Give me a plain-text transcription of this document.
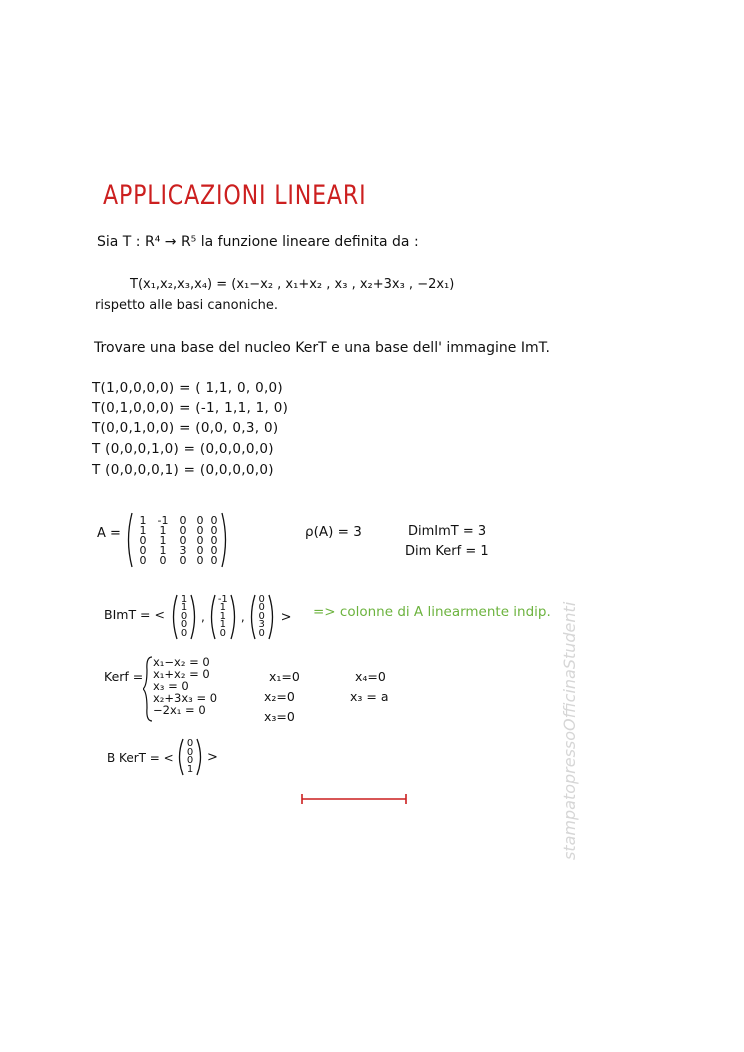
APPLICAZIONI LINEARI
Sia T : R⁴ → R⁵ la funzione lineare definita da :
T(x₁,x₂,x₃,x₄) = (x₁−x₂ , x₁+x₂ , x₃ , x₂+3x₃ , −2x₁)
rispetto alle basi canoniche.
Trovare una base del nucleo KerT e una base dell' immagine ImT.
T(1,0,0,0,0) = ( 1,1, 0, 0,0)
T(0,1,0,0,0) = (-1, 1,1, 1, 0)
T(0,0,1,0,0) = (0,0, 0,3, 0)
T (0,0,0,1,0) = (0,0,0,0,0)
T (0,0,0,0,1) = (0,0,0,0,0)
A =
1	-1	0 0 0
1	1	0 0 0
0	1	0 0 0
0	1	3 0 0
0	0	0 0 0
ρ(A) = 3	DimImT = 3
Dim Kerf = 1
BImT = <
1
1
0
0
0
,
-1
1
1
1
0
,
0
0
0
3
0
> => colonne di A linearmente indip.
Kerf =
x₁−x₂ = 0
x₁+x₂ = 0
x₃ = 0
x₂+3x₃ = 0
−2x₁ = 0
x₁=0
x₂=0
x₃=0
x₄=0
x₃ = a
B KerT = <
0
0
0
1
>	stampatopressoOfficinaStudenti
